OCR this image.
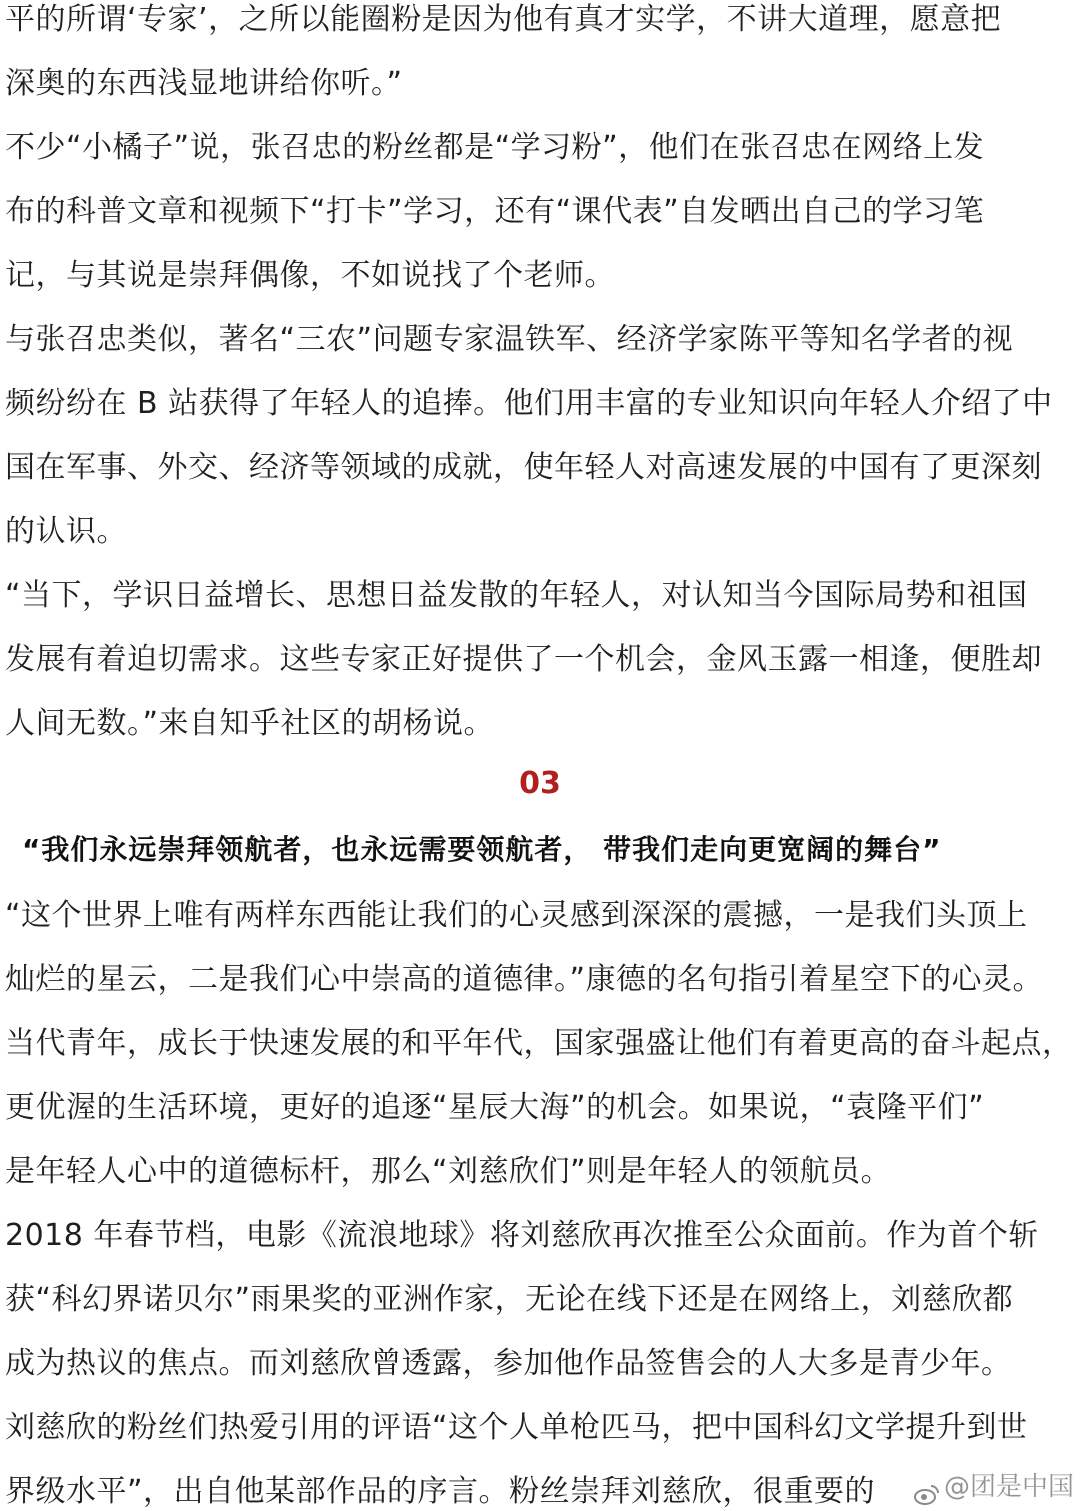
平的所谓‘专家’，之所以能圈粉是因为他有真才实学，不讲大道理，愿意把
深奥的东西浅显地讲给你听。”
不少“小橘子”说，张召忠的粉丝都是“学习粉”，他们在张召忠在网络上发
布的科普文章和视频下“打卡”学习，还有“课代表”自发晒出自己的学习笔
记，与其说是崇拜偶像，不如说找了个老师。
与张召忠类似，著名“三农”问题专家温铁军、经济学家陈平等知名学者的视
频纷纷在 B 站获得了年轻人的追捧。他们用丰富的专业知识向年轻人介绍了中
国在军事、外交、经济等领域的成就，使年轻人对高速发展的中国有了更深刻
的认识。
“当下，学识日益增长、思想日益发散的年轻人，对认知当今国际局势和祖国
发展有着迫切需求。这些专家正好提供了一个机会，金风玉露一相逢，便胜却
人间无数。”来自知乎社区的胡杨说。
03
“我们永远崇拜领航者，也永远需要领航者， 带我们走向更宽阔的舞台”
“这个世界上唯有两样东西能让我们的心灵感到深深的震撼，一是我们头顶上
灿烂的星云，二是我们心中崇高的道德律。”康德的名句指引着星空下的心灵。
当代青年，成长于快速发展的和平年代，国家强盛让他们有着更高的奋斗起点，
更优渥的生活环境，更好的追逐“星辰大海”的机会。如果说，“袁隆平们”
是年轻人心中的道德标杆，那么“刘慈欣们”则是年轻人的领航员。
2018 年春节档，电影《流浪地球》将刘慈欣再次推至公众面前。作为首个斩
获“科幻界诺贝尔”雨果奖的亚洲作家，无论在线下还是在网络上，刘慈欣都
成为热议的焦点。而刘慈欣曾透露，参加他作品签售会的人大多是青少年。
刘慈欣的粉丝们热爱引用的评语“这个人单枪匹马，把中国科幻文学提升到世
界级水平”，出自他某部作品的序言。粉丝崇拜刘慈欣，很重要的	@团是中国
